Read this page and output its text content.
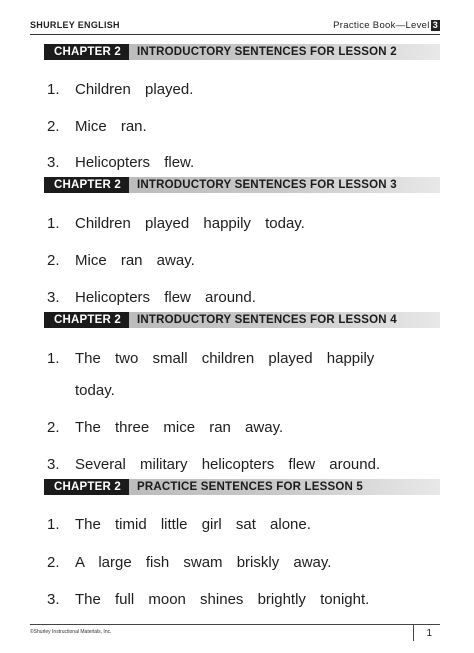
SHURLEY ENGLISH	Practice Book—Level 3
CHAPTER 2	INTRODUCTORY SENTENCES FOR LESSON 2
1.	Children played.
2.	Mice ran.
3.	Helicopters flew.
CHAPTER 2	INTRODUCTORY SENTENCES FOR LESSON 3
1.	Children played happily today.
2.	Mice ran away.
3.	Helicopters flew around.
CHAPTER 2	INTRODUCTORY SENTENCES FOR LESSON 4
1.	The two small children played happily
today.
2.	The three mice ran away.
3.	Several military helicopters flew around.
CHAPTER 2	PRACTICE SENTENCES FOR LESSON 5
1.	The timid little girl sat alone.
2.	A large fish swam briskly away.
3.	The full moon shines brightly tonight.
©Shurley Instructional Materials, Inc.	1
